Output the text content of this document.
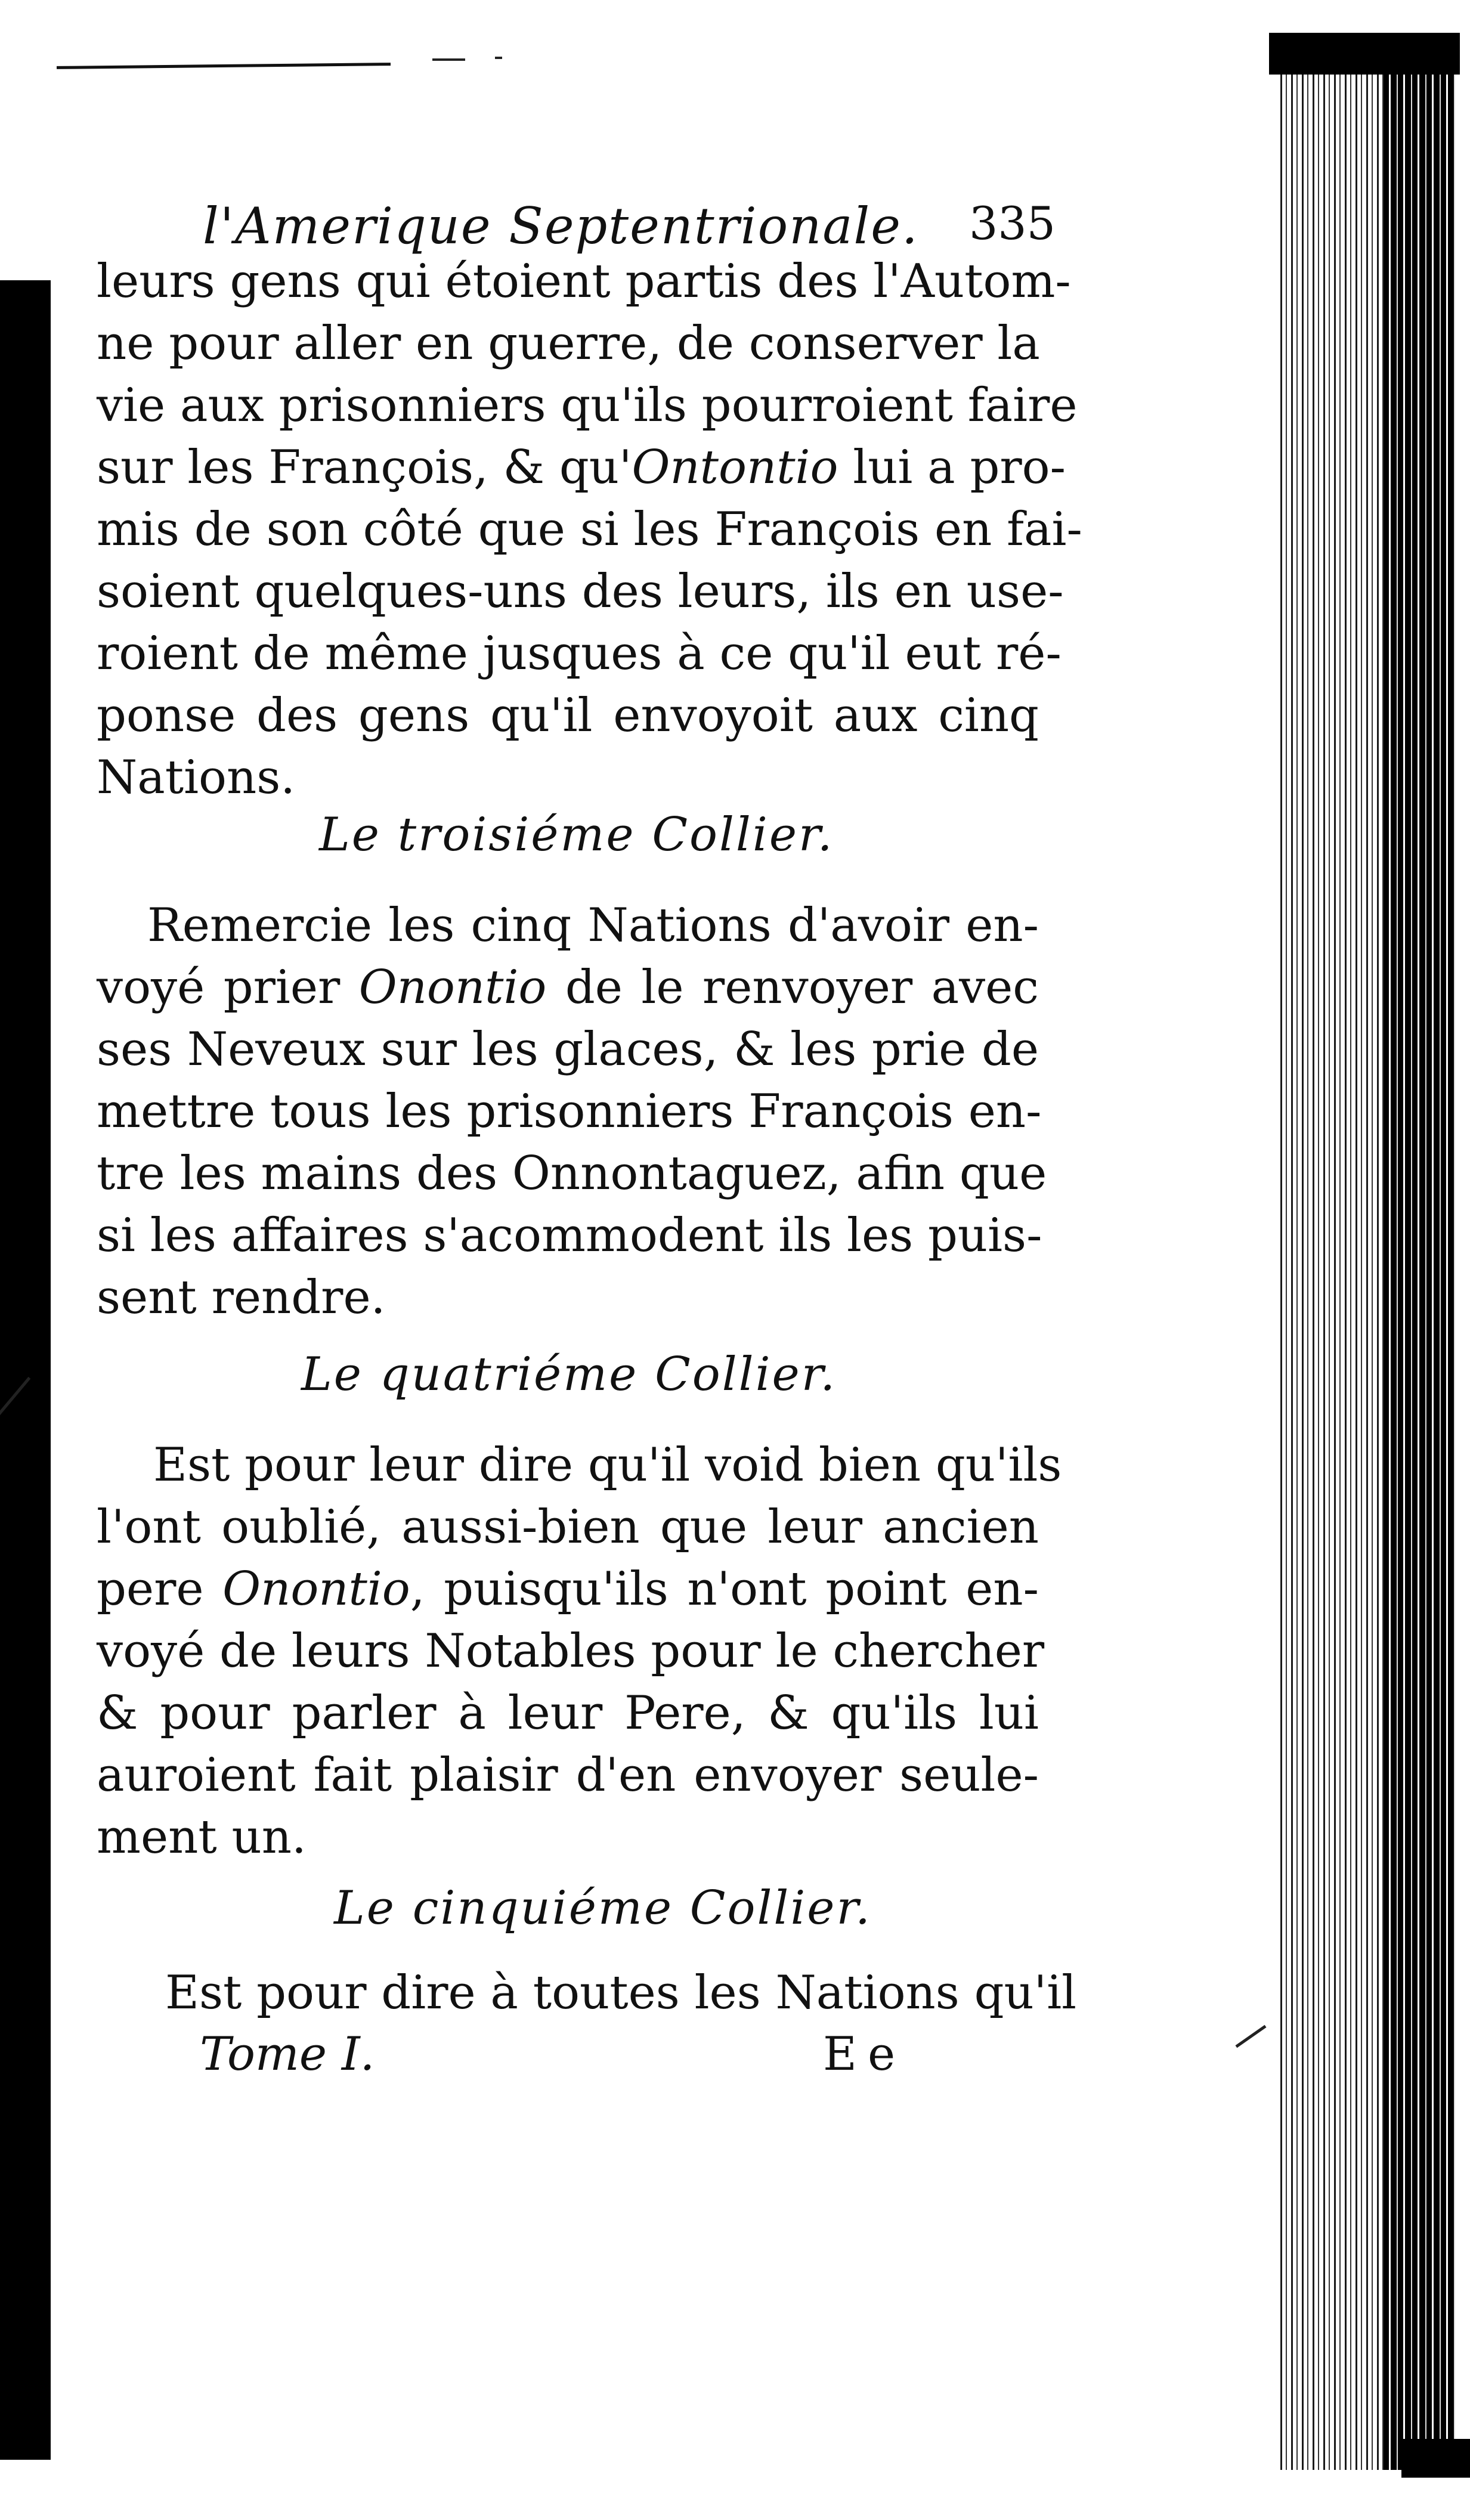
l'Amerique Septentrionale. 335
leurs gens qui étoient partis des l'Autom-
ne pour aller en guerre, de conserver la
vie aux prisonniers qu'ils pourroient faire
sur les François, & qu'Ontontio lui a pro-
mis de son côté que si les François en fai-
soient quelques-uns des leurs, ils en use-
roient de même jusques à ce qu'il eut ré-
ponse des gens qu'il envoyoit aux cinq
Nations.
Le troisiéme Collier.
Remercie les cinq Nations d'avoir en-
voyé prier Onontio de le renvoyer avec
ses Neveux sur les glaces, & les prie de
mettre tous les prisonniers François en-
tre les mains des Onnontaguez, afin que
si les affaires s'acommodent ils les puis-
sent rendre.
Le quatriéme Collier.
Est pour leur dire qu'il void bien qu'ils
l'ont oublié, aussi-bien que leur ancien
pere Onontio, puisqu'ils n'ont point en-
voyé de leurs Notables pour le chercher
& pour parler à leur Pere, & qu'ils lui
auroient fait plaisir d'en envoyer seule-
ment un.
Le cinquiéme Collier.
Est pour dire à toutes les Nations qu'il
Tome I.	Ee
